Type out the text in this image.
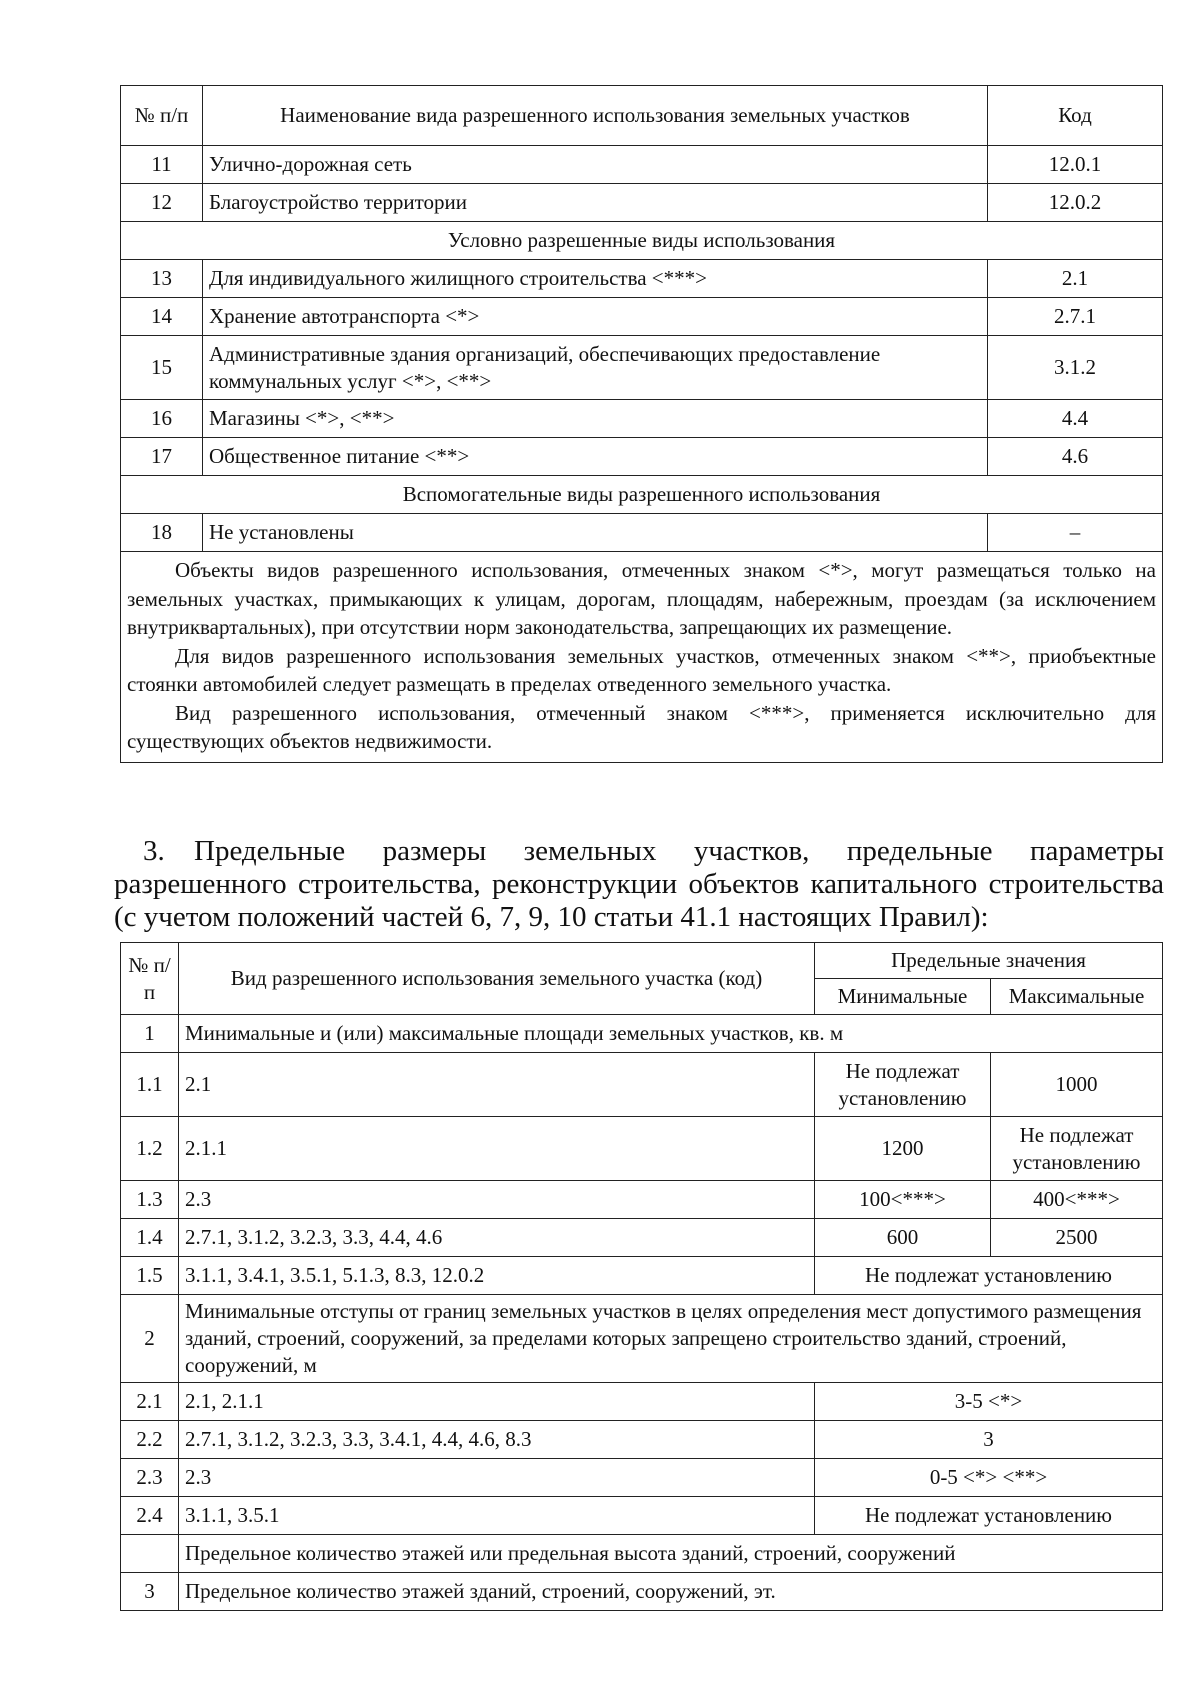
№ п/п	Наименование вида разрешенного использования земельных участков	Код
11	Улично-дорожная сеть	12.0.1
12	Благоустройство территории	12.0.2
Условно разрешенные виды использования		
13	Для индивидуального жилищного строительства <***>	2.1
14	Хранение автотранспорта <*>	2.7.1
15	Административные здания организаций, обеспечивающих предоставление коммунальных услуг <*>, <**>	3.1.2
16	Магазины <*>, <**>	4.4
17	Общественное питание <**>	4.6
Вспомогательные виды разрешенного использования		
18	Не установлены	–

Объекты видов разрешенного использования, отмеченных знаком <*>, могут размещаться только на земельных участках, примыкающих к улицам, дорогам, площадям, набережным, проездам (за исключением внутриквартальных), при отсутствии норм законодательства, запрещающих их размещение.

Для видов разрешенного использования земельных участков, отмеченных знаком <**>, приобъектные стоянки автомобилей следует размещать в пределах отведенного земельного участка.

Вид разрешенного использования, отмеченный знаком <***>, применяется исключительно для существующих объектов недвижимости.		

3. Предельные размеры земельных участков, предельные параметры разрешенного строительства, реконструкции объектов капитального строительства (с учетом положений частей 6, 7, 9, 10 статьи 41.1 настоящих Правил):
№ п/п	Вид разрешенного использования земельного участка (код)	Предельные значения	
		Минимальные	Максимальные
1	Минимальные и (или) максимальные площади земельных участков, кв. м		
1.1	2.1	Не подлежат установлению	1000
1.2	2.1.1	1200	Не подлежат установлению
1.3	2.3	100<***>	400<***>
1.4	2.7.1, 3.1.2, 3.2.3, 3.3, 4.4, 4.6	600	2500
1.5	3.1.1, 3.4.1, 3.5.1, 5.1.3, 8.3, 12.0.2	Не подлежат установлению	
2	Минимальные отступы от границ земельных участков в целях определения мест допустимого размещения зданий, строений, сооружений, за пределами которых запрещено строительство зданий, строений, сооружений, м		
2.1	2.1, 2.1.1	3-5 <*>	
2.2	2.7.1, 3.1.2, 3.2.3, 3.3, 3.4.1, 4.4, 4.6, 8.3	3	
2.3	2.3	0-5 <*> <**>	
2.4	3.1.1, 3.5.1	Не подлежат установлению	
	Предельное количество этажей или предельная высота зданий, строений, сооружений		
3	Предельное количество этажей зданий, строений, сооружений, эт.		
